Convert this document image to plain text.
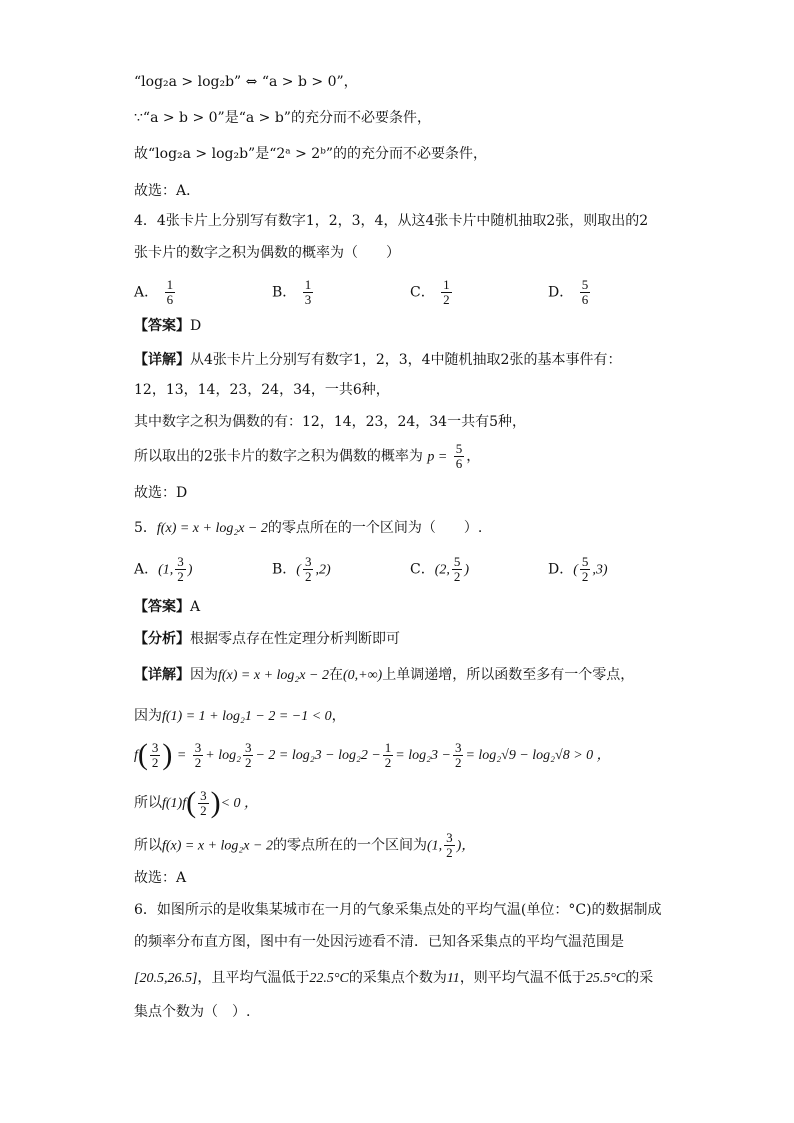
“log₂a > log₂b” ⇔ “a > b > 0”，
∵“a > b > 0”是“a > b”的充分而不必要条件，
故“log₂a > log₂b”是“2ᵃ > 2ᵇ”的的充分而不必要条件，
故选：A．
4．4张卡片上分别写有数字1，2，3，4，从这4张卡片中随机抽取2张，则取出的2
张卡片的数字之积为偶数的概率为（　　）
A． $\frac{1}{6}$	B． $\frac{1}{3}$	C． $\frac{1}{2}$	D． $\frac{5}{6}$
【答案】D
【详解】从4张卡片上分别写有数字1，2，3，4中随机抽取2张的基本事件有：
12，13，14，23，24，34，一共6种，
其中数字之积为偶数的有：12，14，23，24，34一共有5种，
所以取出的2张卡片的数字之积为偶数的概率为 $p = \frac{5}{6}$ ，
故选：D
5．f(x) = x + log₂x − 2的零点所在的一个区间为（　　）.
A．(1, $\frac{3}{2}$ )	B．( $\frac{3}{2} ,2$)	C．(2, $\frac{5}{2}$ )	D．( $\frac{5}{2} ,3$)
【答案】A
【分析】根据零点存在性定理分析判断即可
【详解】因为f(x) = x + log₂x − 2在(0,+∞)上单调递增，所以函数至多有一个零点，
因为f(1) = 1 + log₂1 − 2 = −1 < 0，
$f( \frac{3}{2}$ ) = $\frac{3}{2} + \log_2 \frac{3}{2} - 2 = \log_23 - \log_22 - \frac{1}{2} = \log_23 - \frac{3}{2} = \log_2√9 - \log_2√8 > 0$ ，
所以$f(1)f( \frac{3}{2}$ )< 0 ，
所以f(x) = x + log₂x − 2的零点所在的一个区间为(1, $\frac{3}{2}$ )，
故选：A
6．如图所示的是收集某城市在一月的气象采集点处的平均气温(单位：°C)的数据制成
的频率分布直方图，图中有一处因污迹看不清．已知各采集点的平均气温范围是
[20.5,26.5]，且平均气温低于22.5°C的采集点个数为11，则平均气温不低于25.5°C的采
集点个数为（　）.
